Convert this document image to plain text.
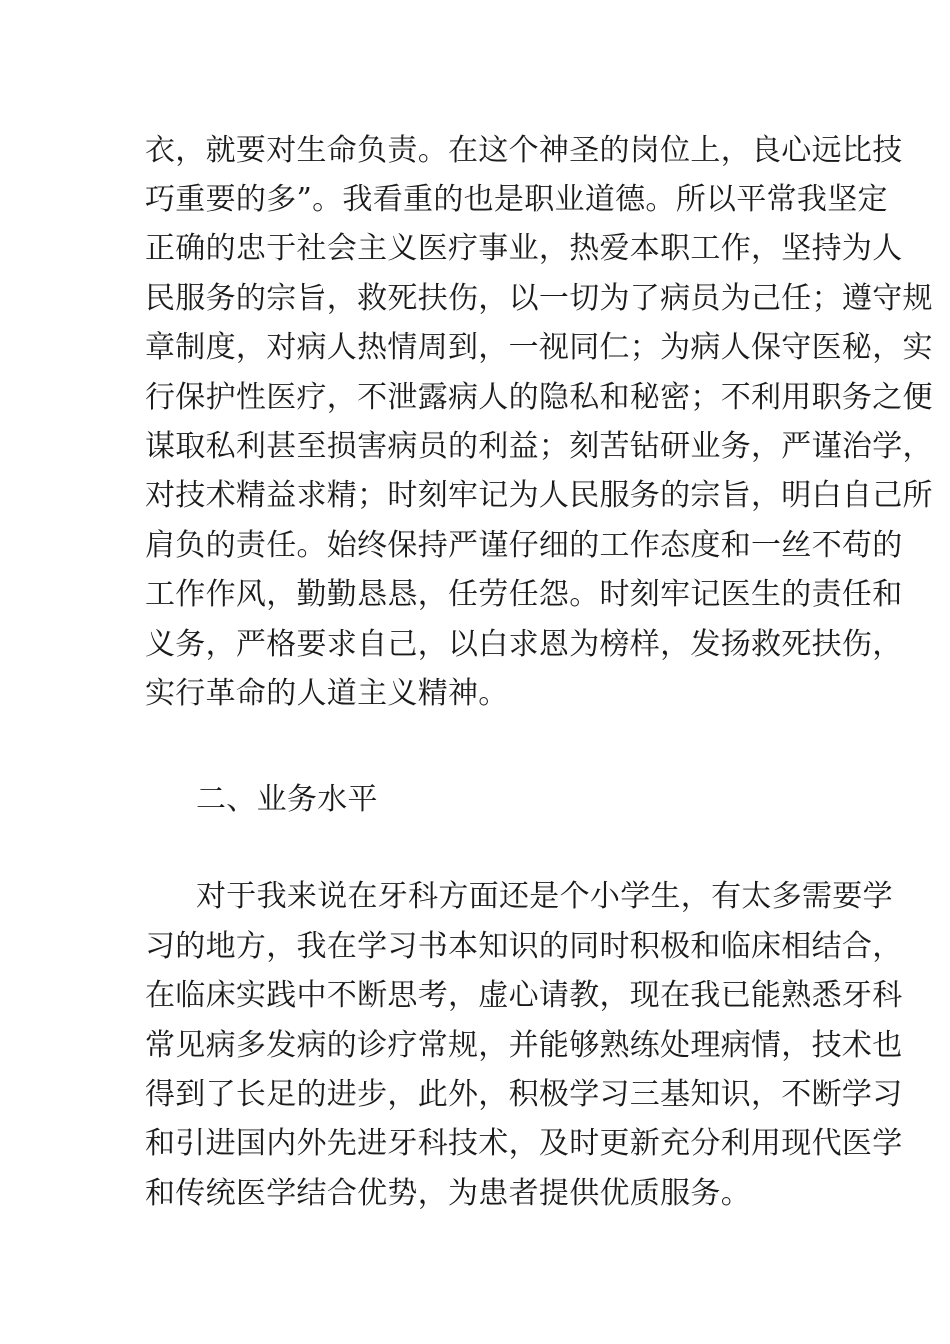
衣，就要对生命负责。在这个神圣的岗位上，良心远比技
巧重要的多”。我看重的也是职业道德。所以平常我坚定
正确的忠于社会主义医疗事业，热爱本职工作，坚持为人
民服务的宗旨，救死扶伤，以一切为了病员为己任；遵守规
章制度，对病人热情周到，一视同仁；为病人保守医秘，实
行保护性医疗，不泄露病人的隐私和秘密；不利用职务之便
谋取私利甚至损害病员的利益；刻苦钻研业务，严谨治学，
对技术精益求精；时刻牢记为人民服务的宗旨，明白自己所
肩负的责任。始终保持严谨仔细的工作态度和一丝不苟的
工作作风，勤勤恳恳，任劳任怨。时刻牢记医生的责任和
义务，严格要求自己，以白求恩为榜样，发扬救死扶伤，
实行革命的人道主义精神。
二、业务水平
对于我来说在牙科方面还是个小学生，有太多需要学
习的地方，我在学习书本知识的同时积极和临床相结合，
在临床实践中不断思考，虚心请教，现在我已能熟悉牙科
常见病多发病的诊疗常规，并能够熟练处理病情，技术也
得到了长足的进步，此外，积极学习三基知识，不断学习
和引进国内外先进牙科技术，及时更新充分利用现代医学
和传统医学结合优势，为患者提供优质服务。
